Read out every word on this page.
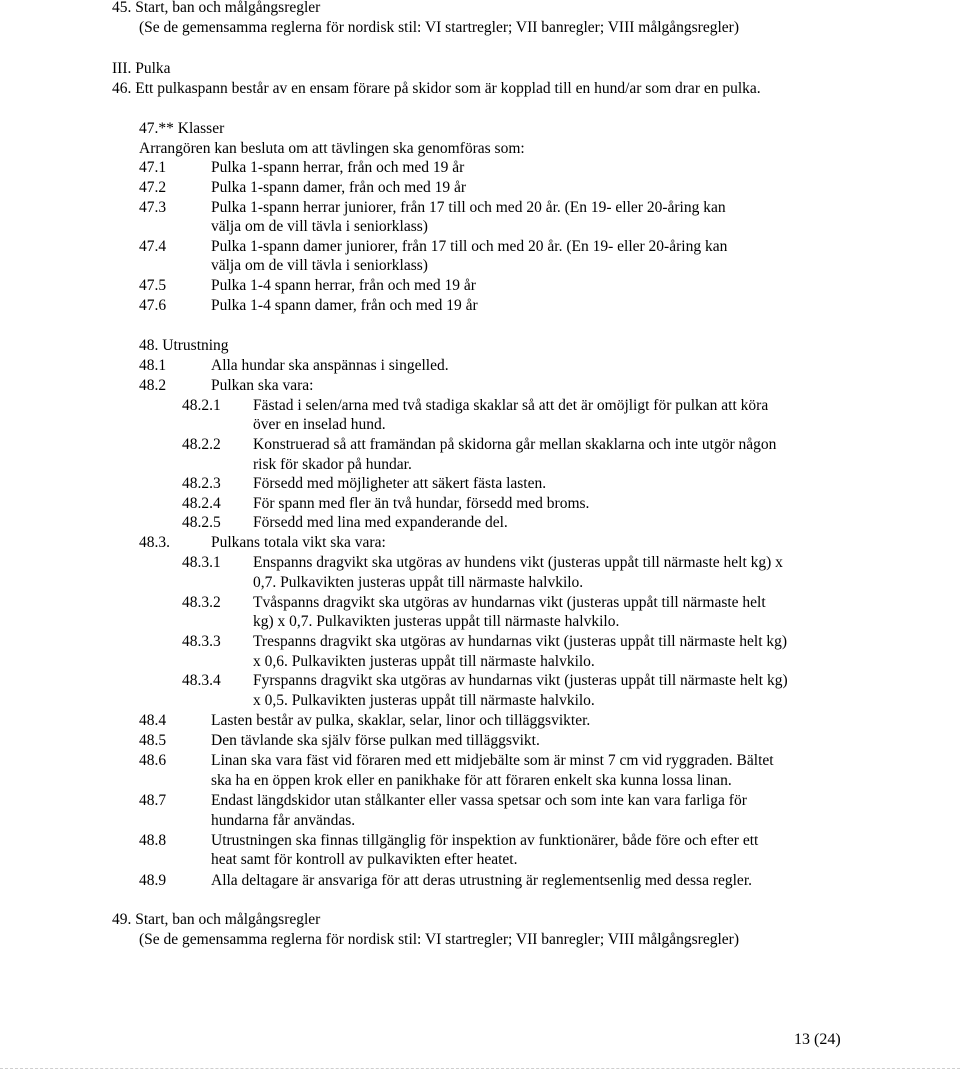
45. Start, ban och målgångsregler
(Se de gemensamma reglerna för nordisk stil: VI startregler; VII banregler; VIII målgångsregler)
III. Pulka
46. Ett pulkaspann består av en ensam förare på skidor som är kopplad till en hund/ar som drar en pulka.
47.** Klasser
Arrangören kan besluta om att tävlingen ska genomföras som:
47.1	Pulka 1-spann herrar, från och med 19 år
47.2	Pulka 1-spann damer, från och med 19 år
47.3	Pulka 1-spann herrar juniorer, från 17 till och med 20 år. (En 19- eller 20-åring kan
välja om de vill tävla i seniorklass)
47.4	Pulka 1-spann damer juniorer, från 17 till och med 20 år. (En 19- eller 20-åring kan
välja om de vill tävla i seniorklass)
47.5	Pulka 1-4 spann herrar, från och med 19 år
47.6	Pulka 1-4 spann damer, från och med 19 år
48. Utrustning
48.1	Alla hundar ska anspännas i singelled.
48.2	Pulkan ska vara:
48.2.1 Fästad i selen/arna med två stadiga skaklar så att det är omöjligt för pulkan att köra
över en inselad hund.
48.2.2 Konstruerad så att framändan på skidorna går mellan skaklarna och inte utgör någon
risk för skador på hundar.
48.2.3 Försedd med möjligheter att säkert fästa lasten.
48.2.4 För spann med fler än två hundar, försedd med broms.
48.2.5 Försedd med lina med expanderande del.
48.3.	Pulkans totala vikt ska vara:
48.3.1 Enspanns dragvikt ska utgöras av hundens vikt (justeras uppåt till närmaste helt kg) x
0,7. Pulkavikten justeras uppåt till närmaste halvkilo.
48.3.2 Tvåspanns dragvikt ska utgöras av hundarnas vikt (justeras uppåt till närmaste helt
kg) x 0,7. Pulkavikten justeras uppåt till närmaste halvkilo.
48.3.3 Trespanns dragvikt ska utgöras av hundarnas vikt (justeras uppåt till närmaste helt kg)
x 0,6. Pulkavikten justeras uppåt till närmaste halvkilo.
48.3.4 Fyrspanns dragvikt ska utgöras av hundarnas vikt (justeras uppåt till närmaste helt kg)
x 0,5. Pulkavikten justeras uppåt till närmaste halvkilo.
48.4	Lasten består av pulka, skaklar, selar, linor och tilläggsvikter.
48.5	Den tävlande ska själv förse pulkan med tilläggsvikt.
48.6	Linan ska vara fäst vid föraren med ett midjebälte som är minst 7 cm vid ryggraden. Bältet
ska ha en öppen krok eller en panikhake för att föraren enkelt ska kunna lossa linan.
48.7	Endast längdskidor utan stålkanter eller vassa spetsar och som inte kan vara farliga för
hundarna får användas.
48.8	Utrustningen ska finnas tillgänglig för inspektion av funktionärer, både före och efter ett
heat samt för kontroll av pulkavikten efter heatet.
48.9	Alla deltagare är ansvariga för att deras utrustning är reglementsenlig med dessa regler.
49. Start, ban och målgångsregler
(Se de gemensamma reglerna för nordisk stil: VI startregler; VII banregler; VIII målgångsregler)
13 (24)
